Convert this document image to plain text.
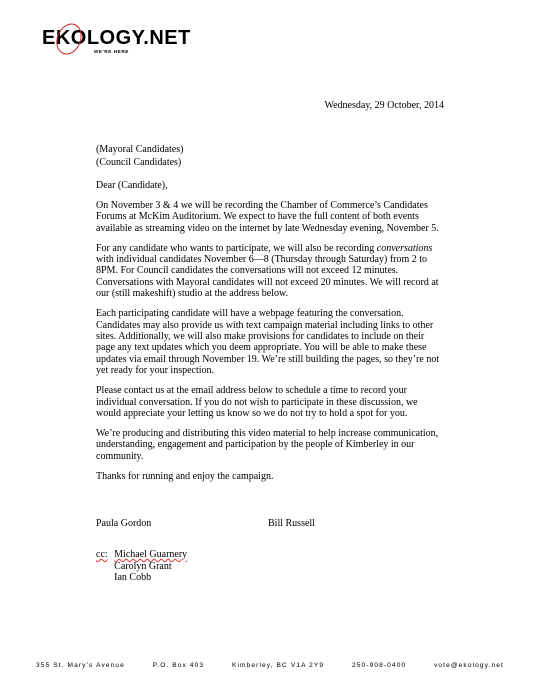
EKOLOGY.NET
WE'RE HERE
Wednesday, 29 October, 2014
(Mayoral Candidates)
(Council Candidates)

Dear (Candidate),

On November 3 & 4 we will be recording the Chamber of Commerce’s Candidates Forums at McKim Auditorium. We expect to have the full content of both events available as streaming video on the internet by late Wednesday evening, November 5.

For any candidate who wants to participate, we will also be recording conversations with individual candidates November 6—8 (Thursday through Saturday) from 2 to 8PM. For Council candidates the conversations will not exceed 12 minutes. Conversations with Mayoral candidates will not exceed 20 minutes. We will record at our (still makeshift) studio at the address below.

Each participating candidate will have a webpage featuring the conversation. Candidates may also provide us with text campaign material including links to other sites. Additionally, we will also make provisions for candidates to include on their page any text updates which you deem appropriate. You will be able to make these updates via email through November 19. We’re still building the pages, so they’re not yet ready for your inspection.

Please contact us at the email address below to schedule a time to record your individual conversation. If you do not wish to participate in these discussion, we would appreciate your letting us know so we do not try to hold a spot for you.

We’re producing and distributing this video material to help increase communication, understanding, engagement and participation by the people of Kimberley in our community.

Thanks for running and enjoy the campaign.

Paula Gordon	Bill Russell
cc: Michael Guarnery
Carolyn Grant
Ian Cobb
355 St. Mary’s Avenue	P.O. Box 403	Kimberley, BC V1A 2Y9	250-908-0400	vote@ekology.net
